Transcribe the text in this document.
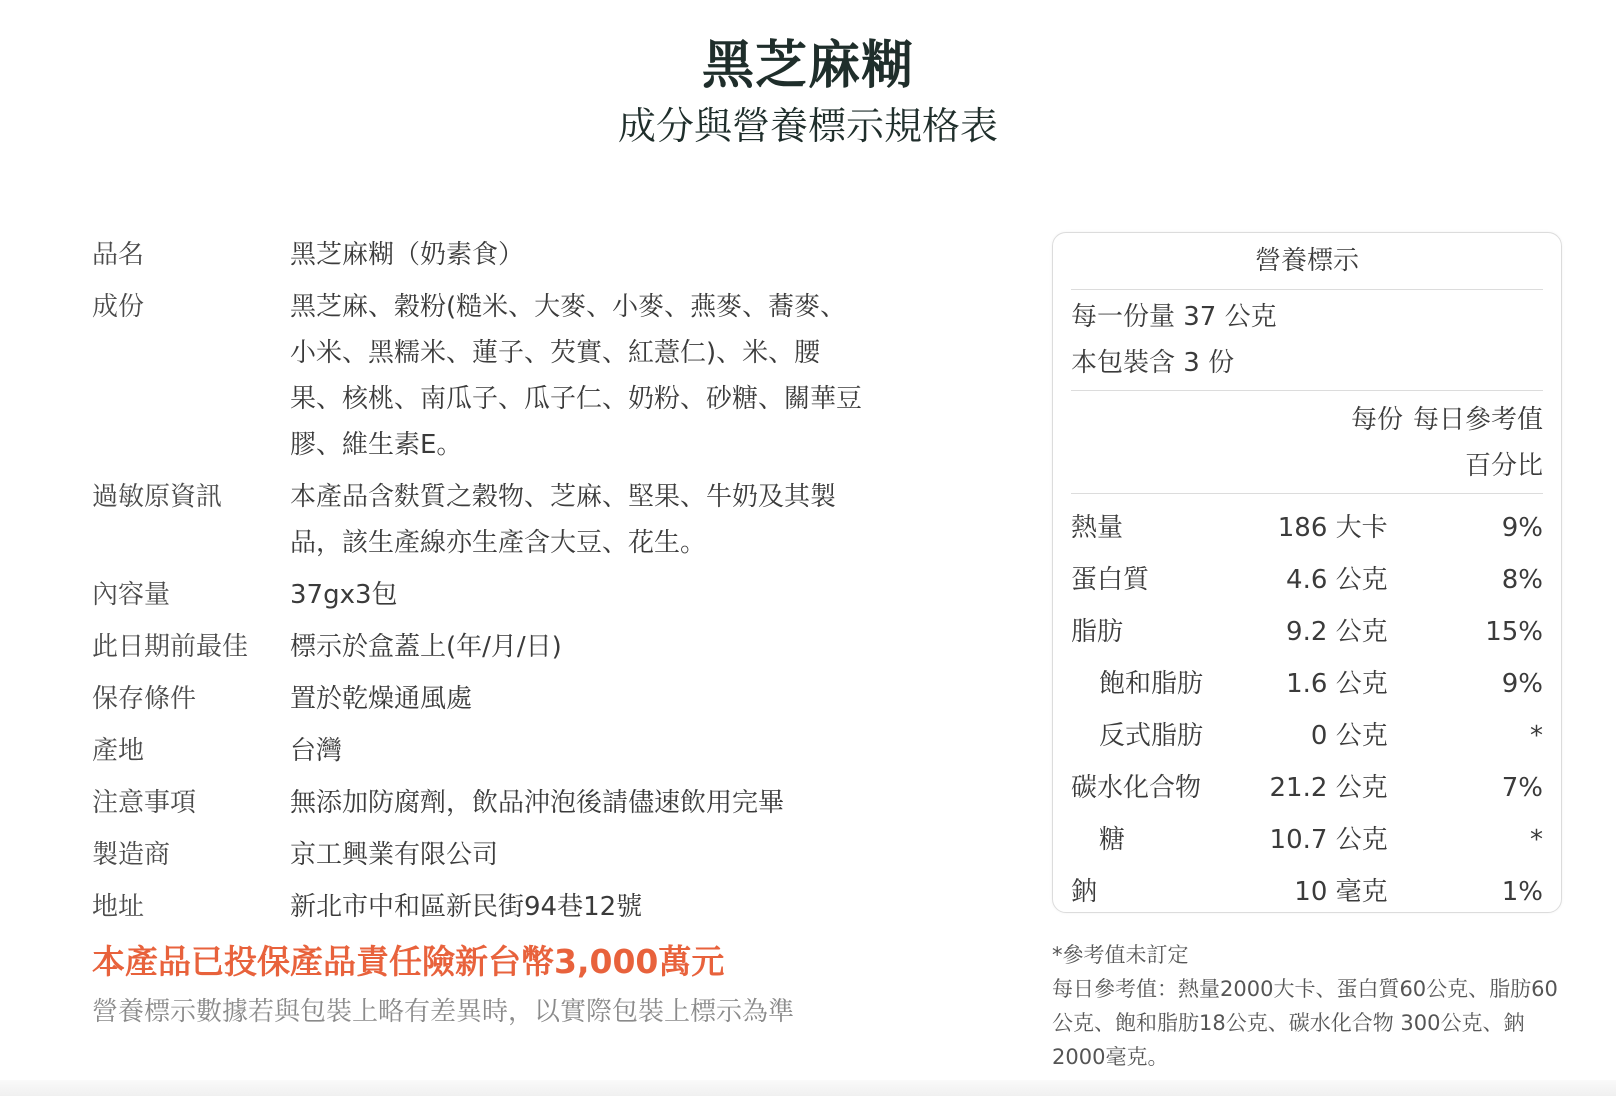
黑芝麻糊
成分與營養標示規格表
品名	黑芝麻糊（奶素食）
成份	黑芝麻、穀粉(糙米、大麥、小麥、燕麥、蕎麥、小米、黑糯米、蓮子、芡實、紅薏仁)、米、腰果、核桃、南瓜子、瓜子仁、奶粉、砂糖、關華豆膠、維生素E。
過敏原資訊	本產品含麩質之穀物、芝麻、堅果、牛奶及其製品，該生產線亦生產含大豆、花生。
內容量	37gx3包
此日期前最佳	標示於盒蓋上(年/月/日)
保存條件	置於乾燥通風處
產地	台灣
注意事項	無添加防腐劑，飲品沖泡後請儘速飲用完畢
製造商	京工興業有限公司
地址	新北市中和區新民街94巷12號
本產品已投保產品責任險新台幣3,000萬元
營養標示數據若與包裝上略有差異時，以實際包裝上標示為準
營養標示
每一份量 37 公克
本包裝含 3 份
每份 每日參考值百分比
熱量	186 大卡	9%
蛋白質	4.6 公克	8%
脂肪	9.2 公克	15%
飽和脂肪	1.6 公克	9%
反式脂肪	0 公克	*
碳水化合物	21.2 公克	7%
糖	10.7 公克	*
鈉	10 毫克	1%
*參考值未訂定
每日參考值：熱量2000大卡、蛋白質60公克、脂肪60公克、飽和脂肪18公克、碳水化合物 300公克、鈉2000毫克。
